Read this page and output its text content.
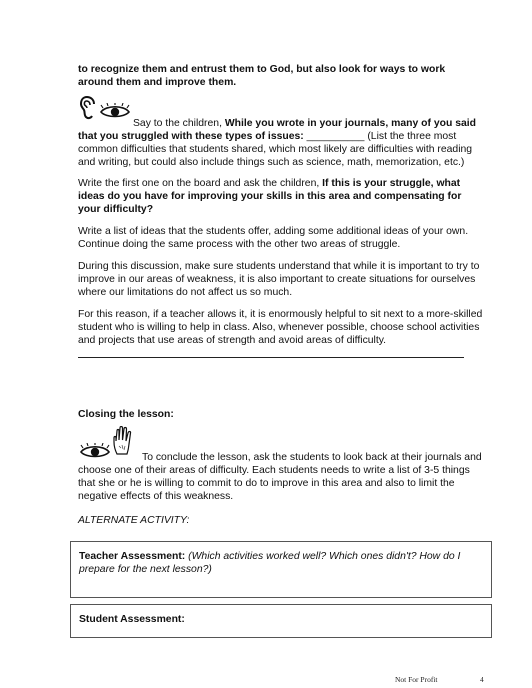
to recognize them and entrust them to God, but also look for ways to work around them and improve them.

Say to the children, While you wrote in your journals, many of you said that you struggled with these types of issues: __________ (List the three most common difficulties that students shared, which most likely are difficulties with reading and writing, but could also include things such as science, math, memorization, etc.)

Write the first one on the board and ask the children, If this is your struggle, what ideas do you have for improving your skills in this area and compensating for your difficulty?

Write a list of ideas that the students offer, adding some additional ideas of your own. Continue doing the same process with the other two areas of struggle.

During this discussion, make sure students understand that while it is important to try to improve in our areas of weakness, it is also important to create situations for ourselves where our limitations do not affect us so much.

For this reason, if a teacher allows it, it is enormously helpful to sit next to a more-skilled student who is willing to help in class. Also, whenever possible, choose school activities and projects that use areas of strength and avoid areas of difficulty.

Closing the lesson:

To conclude the lesson, ask the students to look back at their journals and choose one of their areas of difficulty. Each students needs to write a list of 3-5 things that she or he is willing to commit to do to improve in this area and also to limit the negative effects of this weakness.

ALTERNATE ACTIVITY:

Teacher Assessment: (Which activities worked well? Which ones didn't? How do I prepare for the next lesson?)

Student Assessment:

Not For Profit	4
